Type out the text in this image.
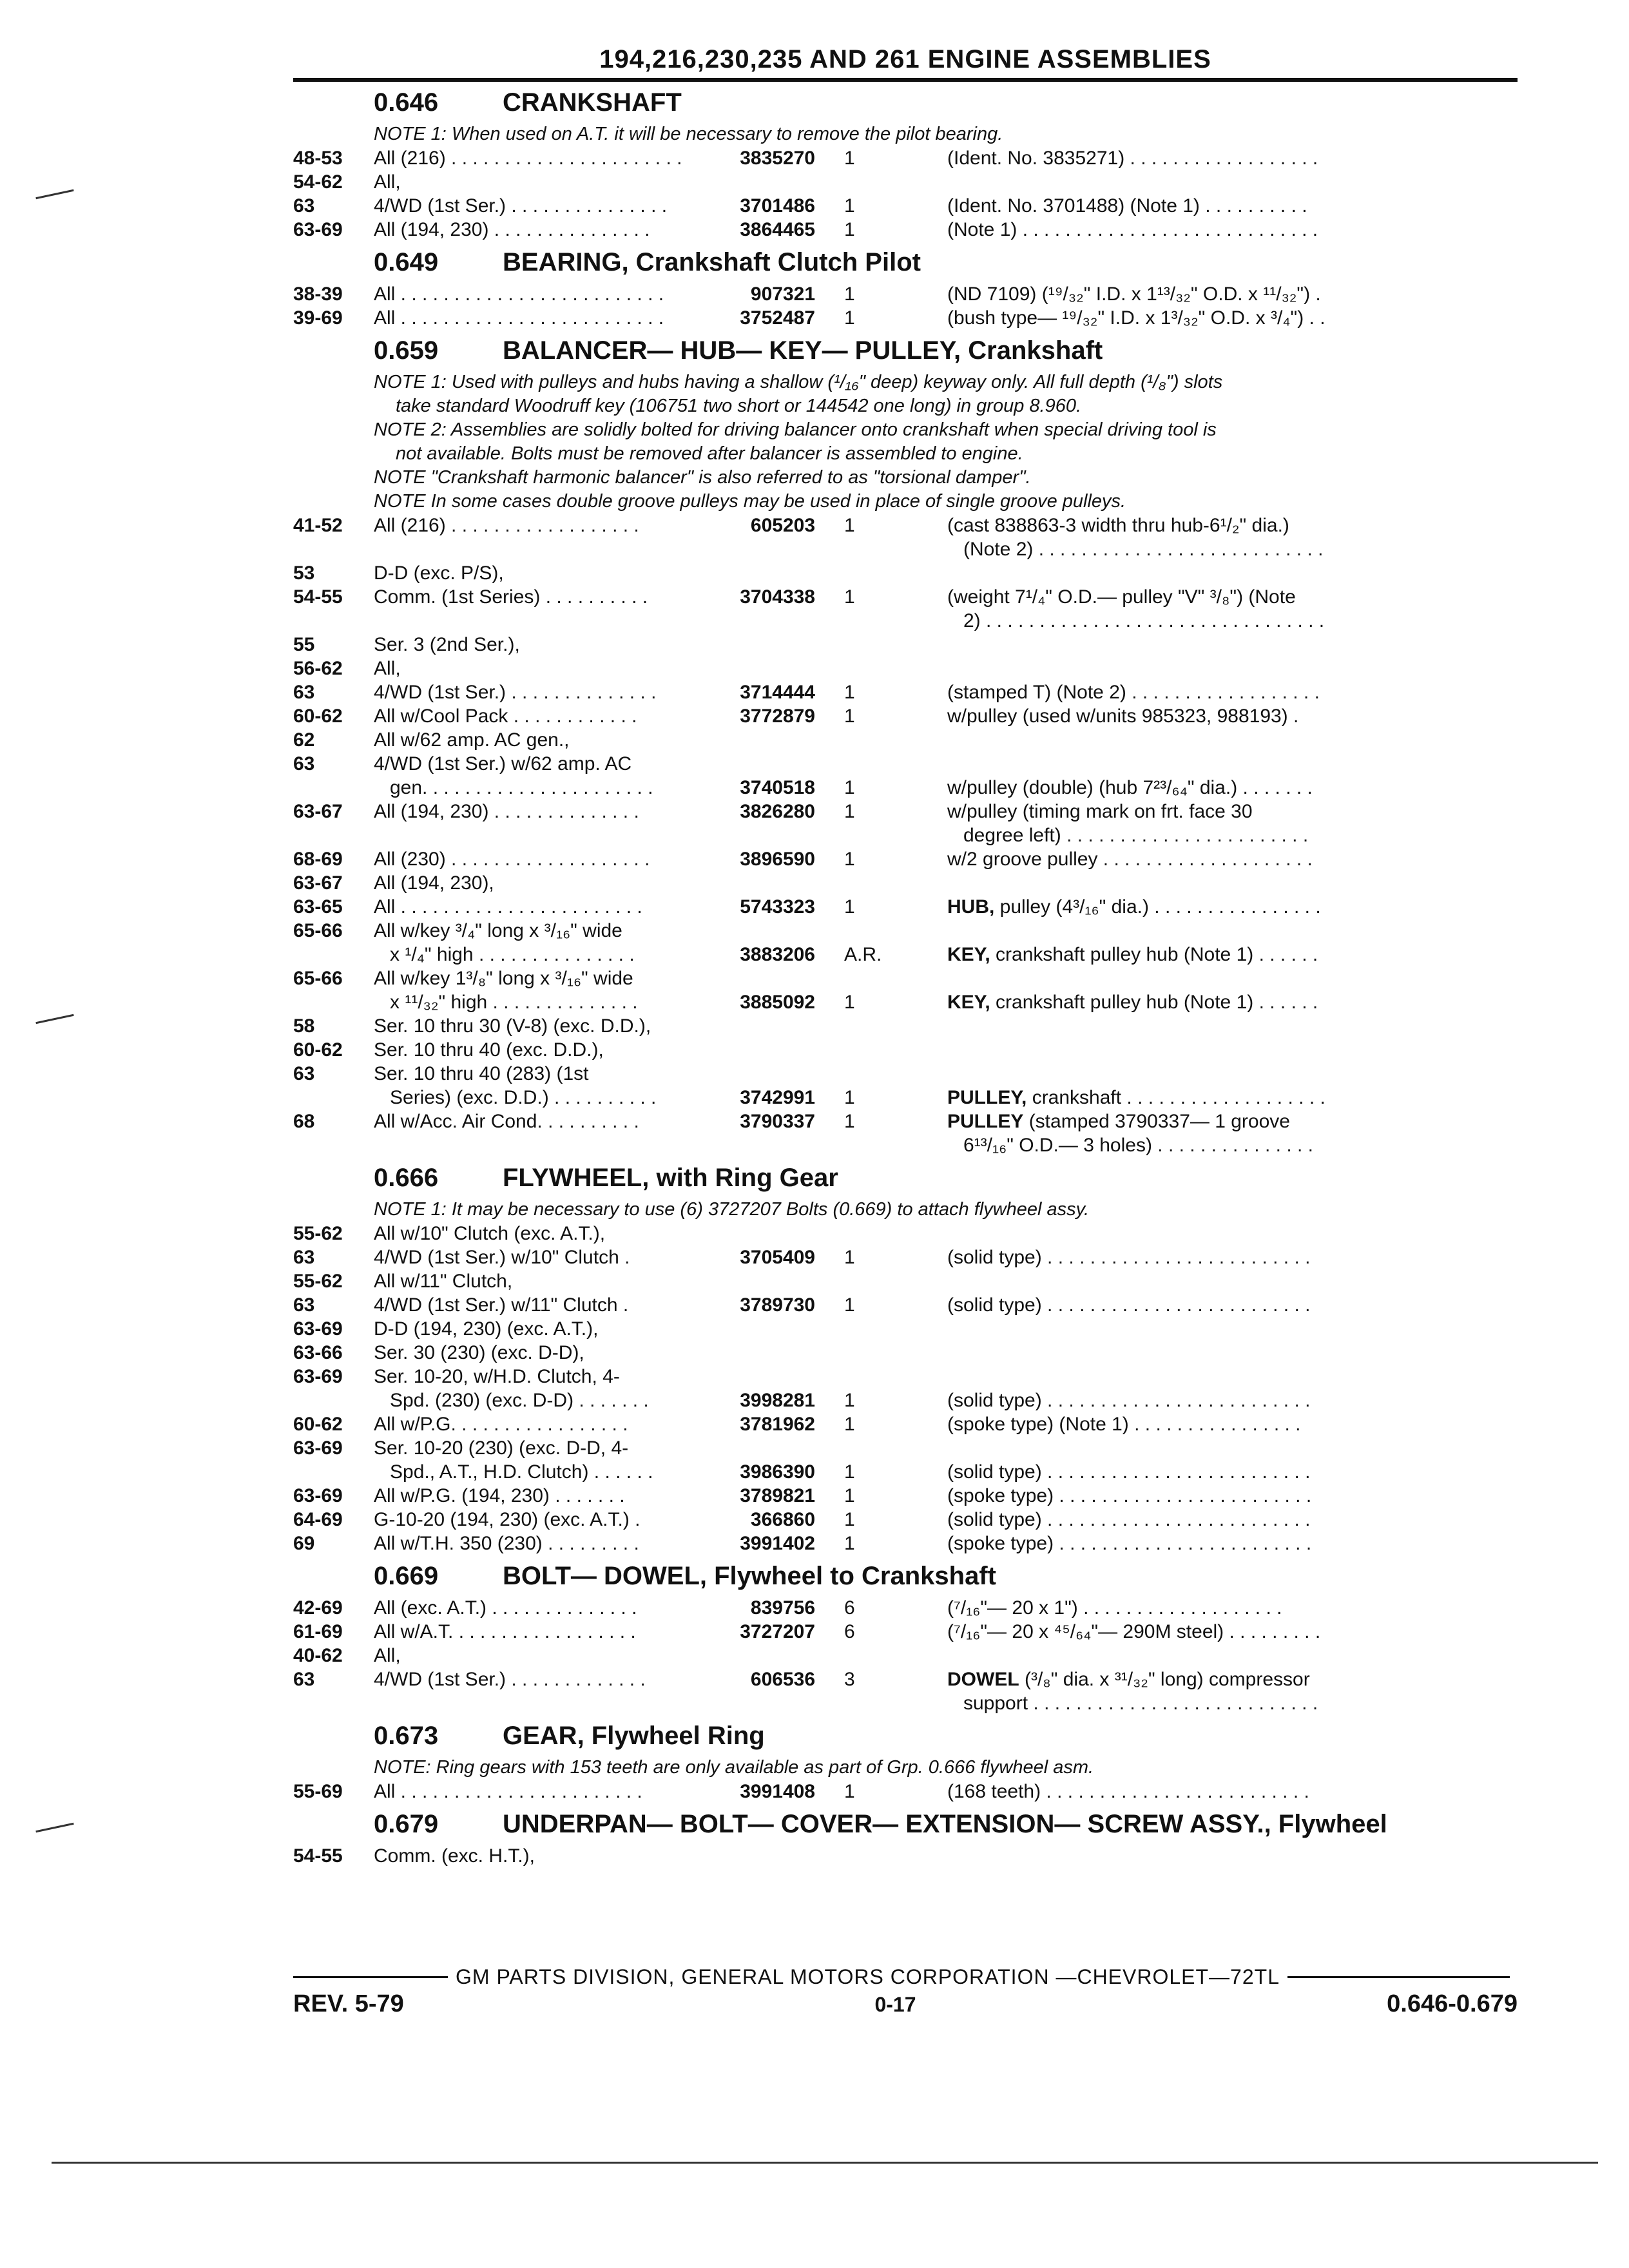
194,216,230,235 AND 261 ENGINE ASSEMBLIES
0.646	CRANKSHAFT
NOTE 1: When used on A.T. it will be necessary to remove the pilot bearing.
48-53	All (216) . . . . . . . . . . . . . . . . . . . . . .	3835270	1	(Ident. No. 3835271) . . . . . . . . . . . . . . . . . .
54-62	All,
63	4/WD (1st Ser.) . . . . . . . . . . . . . . .	3701486	1	(Ident. No. 3701488) (Note 1) . . . . . . . . . .
63-69	All (194, 230) . . . . . . . . . . . . . . .	3864465	1	(Note 1) . . . . . . . . . . . . . . . . . . . . . . . . . . . .
0.649	BEARING, Crankshaft Clutch Pilot
38-39	All . . . . . . . . . . . . . . . . . . . . . . . . .	907321	1	(ND 7109) (¹⁹/₃₂" I.D. x 1¹³/₃₂" O.D. x ¹¹/₃₂") .
39-69	All . . . . . . . . . . . . . . . . . . . . . . . . .	3752487	1	(bush type— ¹⁹/₃₂" I.D. x 1³/₃₂" O.D. x ³/₄") . .
0.659	BALANCER— HUB— KEY— PULLEY, Crankshaft
NOTE 1: Used with pulleys and hubs having a shallow (¹/₁₆" deep) keyway only. All full depth (¹/₈") slots
take standard Woodruff key (106751 two short or 144542 one long) in group 8.960.
NOTE 2: Assemblies are solidly bolted for driving balancer onto crankshaft when special driving tool is
not available. Bolts must be removed after balancer is assembled to engine.
NOTE "Crankshaft harmonic balancer" is also referred to as "torsional damper".
NOTE In some cases double groove pulleys may be used in place of single groove pulleys.
41-52	All (216) . . . . . . . . . . . . . . . . . .	605203	1	(cast 838863-3 width thru hub-6¹/₂" dia.)
(Note 2) . . . . . . . . . . . . . . . . . . . . . . . . . . .
53	D-D (exc. P/S),
54-55	Comm. (1st Series) . . . . . . . . . .	3704338	1	(weight 7¹/₄" O.D.— pulley "V" ³/₈") (Note
2) . . . . . . . . . . . . . . . . . . . . . . . . . . . . . . . .
55	Ser. 3 (2nd Ser.),
56-62	All,
63	4/WD (1st Ser.) . . . . . . . . . . . . . .	3714444	1	(stamped T) (Note 2) . . . . . . . . . . . . . . . . . .
60-62	All w/Cool Pack . . . . . . . . . . . .	3772879	1	w/pulley (used w/units 985323, 988193) .
62	All w/62 amp. AC gen.,
63	4/WD (1st Ser.) w/62 amp. AC
gen. . . . . . . . . . . . . . . . . . . . . .	3740518	1	w/pulley (double) (hub 7²³/₆₄" dia.) . . . . . . .
63-67	All (194, 230) . . . . . . . . . . . . . .	3826280	1	w/pulley (timing mark on frt. face 30
degree left) . . . . . . . . . . . . . . . . . . . . . . .
68-69	All (230) . . . . . . . . . . . . . . . . . . .	3896590	1	w/2 groove pulley . . . . . . . . . . . . . . . . . . . .
63-67	All (194, 230),
63-65	All . . . . . . . . . . . . . . . . . . . . . . .	5743323	1	HUB, pulley (4³/₁₆" dia.) . . . . . . . . . . . . . . . .
65-66	All w/key ³/₄" long x ³/₁₆" wide
x ¹/₄" high . . . . . . . . . . . . . . .	3883206	A.R.	KEY, crankshaft pulley hub (Note 1) . . . . . .
65-66	All w/key 1³/₈" long x ³/₁₆" wide
x ¹¹/₃₂" high . . . . . . . . . . . . . .	3885092	1	KEY, crankshaft pulley hub (Note 1) . . . . . .
58	Ser. 10 thru 30 (V-8) (exc. D.D.),
60-62	Ser. 10 thru 40 (exc. D.D.),
63	Ser. 10 thru 40 (283) (1st
Series) (exc. D.D.) . . . . . . . . . .	3742991	1	PULLEY, crankshaft . . . . . . . . . . . . . . . . . . .
68	All w/Acc. Air Cond. . . . . . . . . .	3790337	1	PULLEY (stamped 3790337— 1 groove
6¹³/₁₆" O.D.— 3 holes) . . . . . . . . . . . . . . .
0.666	FLYWHEEL, with Ring Gear
NOTE 1: It may be necessary to use (6) 3727207 Bolts (0.669) to attach flywheel assy.
55-62	All w/10" Clutch (exc. A.T.),
63	4/WD (1st Ser.) w/10" Clutch .	3705409	1	(solid type) . . . . . . . . . . . . . . . . . . . . . . . . .
55-62	All w/11" Clutch,
63	4/WD (1st Ser.) w/11" Clutch .	3789730	1	(solid type) . . . . . . . . . . . . . . . . . . . . . . . . .
63-69	D-D (194, 230) (exc. A.T.),
63-66	Ser. 30 (230) (exc. D-D),
63-69	Ser. 10-20, w/H.D. Clutch, 4-
Spd. (230) (exc. D-D) . . . . . . .	3998281	1	(solid type) . . . . . . . . . . . . . . . . . . . . . . . . .
60-62	All w/P.G. . . . . . . . . . . . . . . . .	3781962	1	(spoke type) (Note 1) . . . . . . . . . . . . . . . .
63-69	Ser. 10-20 (230) (exc. D-D, 4-
Spd., A.T., H.D. Clutch) . . . . . .	3986390	1	(solid type) . . . . . . . . . . . . . . . . . . . . . . . . .
63-69	All w/P.G. (194, 230) . . . . . . .	3789821	1	(spoke type) . . . . . . . . . . . . . . . . . . . . . . . .
64-69	G-10-20 (194, 230) (exc. A.T.) .	366860	1	(solid type) . . . . . . . . . . . . . . . . . . . . . . . . .
69	All w/T.H. 350 (230) . . . . . . . . .	3991402	1	(spoke type) . . . . . . . . . . . . . . . . . . . . . . . .
0.669	BOLT— DOWEL, Flywheel to Crankshaft
42-69	All (exc. A.T.) . . . . . . . . . . . . . .	839756	6	(⁷/₁₆"— 20 x 1") . . . . . . . . . . . . . . . . . . .
61-69	All w/A.T. . . . . . . . . . . . . . . . . .	3727207	6	(⁷/₁₆"— 20 x ⁴⁵/₆₄"— 290M steel) . . . . . . . . .
40-62	All,
63	4/WD (1st Ser.) . . . . . . . . . . . . .	606536	3	DOWEL (³/₈" dia. x ³¹/₃₂" long) compressor
support . . . . . . . . . . . . . . . . . . . . . . . . . . .
0.673	GEAR, Flywheel Ring
NOTE: Ring gears with 153 teeth are only available as part of Grp. 0.666 flywheel asm.
55-69	All . . . . . . . . . . . . . . . . . . . . . . .	3991408	1	(168 teeth) . . . . . . . . . . . . . . . . . . . . . . . . .
0.679	UNDERPAN— BOLT— COVER— EXTENSION— SCREW ASSY., Flywheel
54-55	Comm. (exc. H.T.),
GM PARTS DIVISION, GENERAL MOTORS CORPORATION —CHEVROLET—72TL
REV. 5-79	0-17	0.646-0.679
